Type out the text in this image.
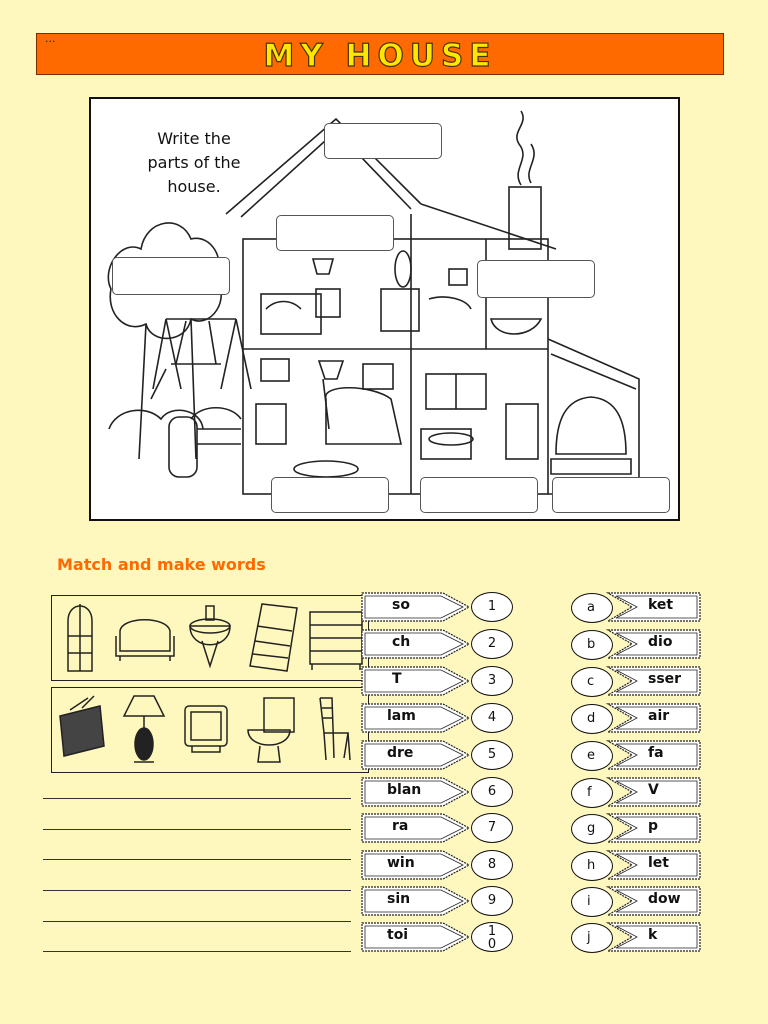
...	MY HOUSE
Write the parts of the house.
Match and make words
so	1	a	ket
ch	2	b	dio
T	3	c	sser
lam	4	d	air
dre	5	e	fa
blan	6	f	V
ra	7	g	p
win	8	h	let
sin	9	i	dow
toi	10	j	k
